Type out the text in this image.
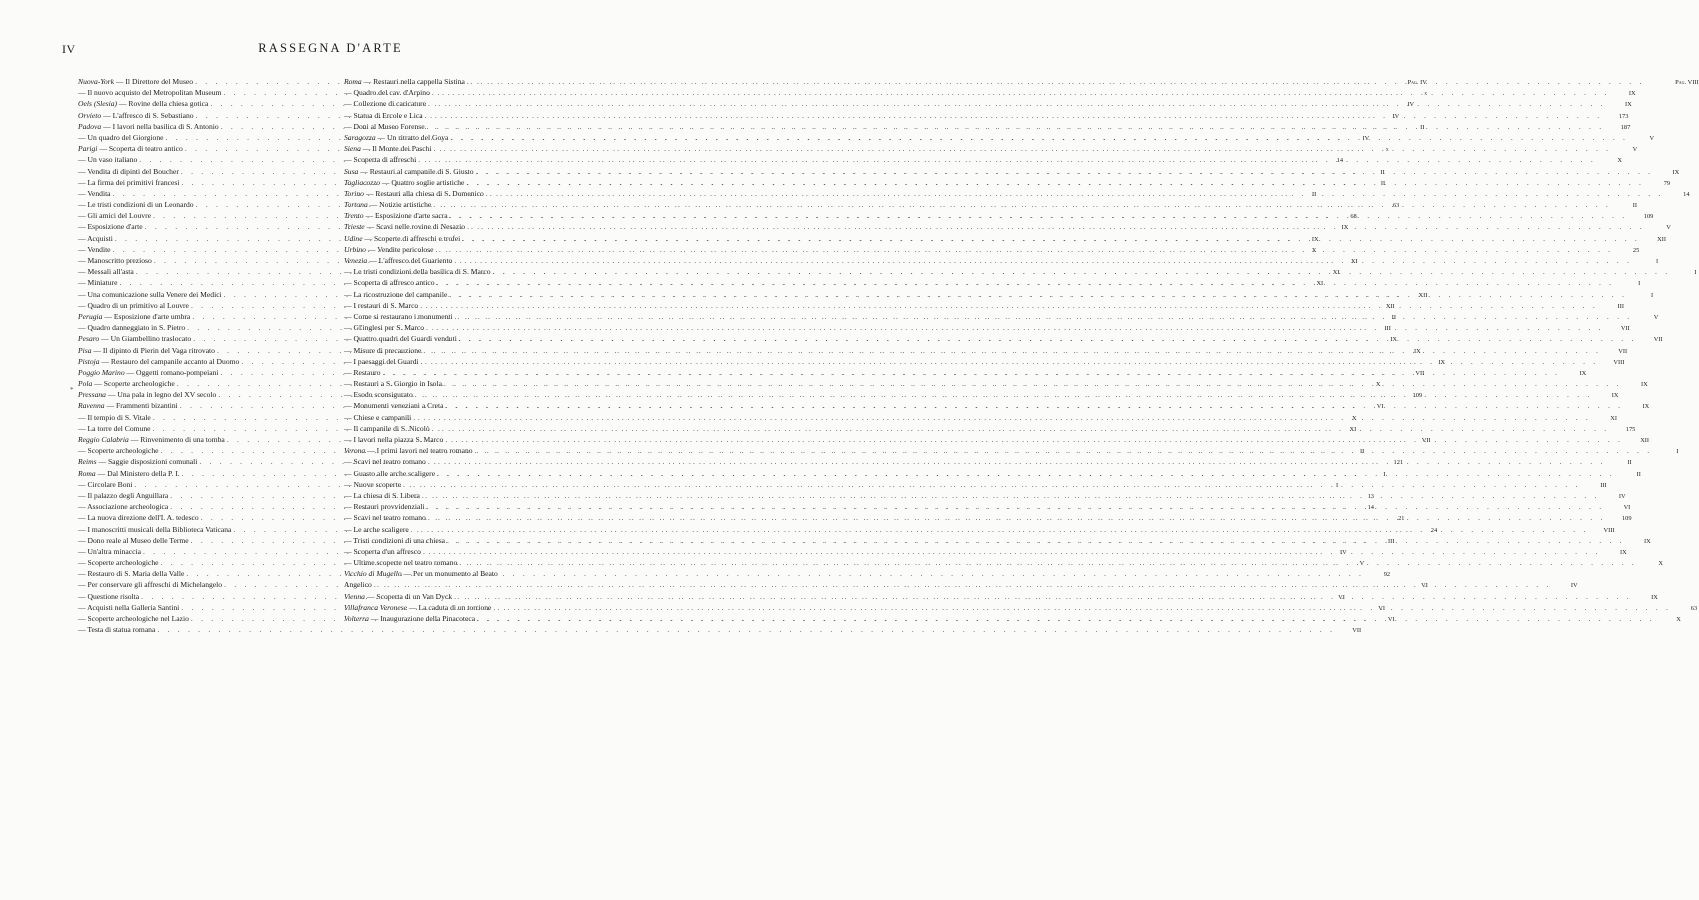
IV	RASSEGNA D'ARTE
Nuova-York — Il Direttore del Museo . . .	Pag. IV
— Il nuovo acquisto del Metropolitan Museum . . .	x
Oels (Slesia) — Rovine della chiesa gotica . . .	IV
Orvieto — L'affresco di S. Sebastiano . . .	IV
Padova — I lavori nella basilica di S. Antonio . . .	II
— Un quadro del Giorgione . . .	IV
Parigi — Scoperta di teatro antico . . .	x
— Un vaso italiano . . .	14
— Vendita di dipinti del Boucher . . .	II
— La firma dei primitivi francesi . . .	II
— Vendita . . .	II
— Le tristi condizioni di un Leonardo . . .	63
— Gli amici del Louvre . . .	68
— Esposizione d'arte . . .	IX
— Acquisti . . .	IX
— Vendite . . .	X
— Manoscritto prezioso . . .	XI
— Messali all'asta . . .	XI
— Miniature . . .	XI
— Una comunicazione sulla Venere dei Medici . . .	XII
— Quadro di un primitivo al Louvre . . .	XII
Perugia — Esposizione d'arte umbra . . .	II
— Quadro danneggiato in S. Pietro . . .	III
Pesaro — Un Giambellino traslocato . . .	IX
Pisa — Il dipinto di Pierin del Vaga ritrovato . . .	IX
Pistoja — Restauro del campanile accanto al Duomo . . .	IX
Poggio Marino — Oggetti romano-pompeiani . . .	VII
Pola — Scoperte archeologiche . . .	X
Pressana — Una pala in legno del XV secolo . . .	109
Ravenna — Frammenti bizantini . . .	VI
— Il tempio di S. Vitale . . .	X
— La torre del Comune . . .	XI
Reggio Calabria — Rinvenimento di una tomba . . .	VII
— Scoperte archeologiche . . .	II
Reims — Saggie disposizioni comunali . . .	121
Roma — Dal Ministero della P. I. . . .	I
— Circolare Boni . . .	I
— Il palazzo degli Anguillara . . .	13
— Associazione archeologica . . .	14
— La nuova direzione dell'I. A. tedesco . . .	21
— I manoscritti musicali della Biblioteca Vaticana . . .	24
— Dono reale al Museo delle Terme . . .	III
— Un'altra minaccia . . .	IV
— Scoperte archeologiche . . .	V
— Restauro di S. Maria della Valle . . .	92
— Per conservare gli affreschi di Michelangelo . . .	VI
— Questione risolta . . .	VI
— Acquisti nella Galleria Santini . . .	VI
— Scoperte archeologiche nel Lazio . . .	VI
— Testa di statua romana . . .	VII
Roma — Restauri nella cappella Sistina . . .	Pag. VIII
— Quadro del cav. d'Arpino . . .	IX
— Collezione di caricature . . .	IX
— Statua di Ercole e Lica . . .	173
— Doni al Museo Forense . . .	187
Saragozza — Un ritratto del Goya . . .	V
Siena — Il Monte dei Paschi . . .	V
— Scoperta di affreschi . . .	X
Susa — Restauri al campanile di S. Giusto . . .	IX
Tagliacozzo — Quattro soglie artistiche . . .	79
Torino — Restauri alla chiesa di S. Domenico . . .	14
Tortona — Notizie artistiche . . .	II
Trento — Esposizione d'arte sacra . . .	109
Trieste — Scavi nelle rovine di Nesazio . . .	V
Udine — Scoperte di affreschi e trofei . . .	XII
Urbino — Vendite pericolose . . .	25
Venezia — L'affresco del Guariento . . .	I
— Le tristi condizioni della basilica di S. Marco . . .	I
— Scoperta di affresco antico . . .	I
— La ricostruzione del campanile . . .	I
— I restauri di S. Marco . . .	III
— Come si restaurano i monumenti . . .	V
— Gl'inglesi per S. Marco . . .	VII
— Quattro quadri del Guardi venduti . . .	VII
— Misure di precauzione . . .	VII
— I paesaggi del Guardi . . .	VIII
— Restauro . . .	IX
— Restauri a S. Giorgio in Isola . . .	IX
— Esodo sconsigurato . . .	IX
— Monumenti veneziani a Creta . . .	IX
— Chiese e campanili . . .	XI
— Il campanile di S. Nicolò . . .	175
— I lavori nella piazza S. Marco . . .	XII
Verona — I primi lavori nel teatro romano . . .	I
— Scavi nel teatro romano . . .	II
— Guasto alle arche scaligere . . .	II
— Nuove scoperte . . .	III
— La chiesa di S. Libera . . .	IV
— Restauri provvidenziali . . .	VI
— Scavi nel teatro romano . . .	109
— Le arche scaligere . . .	VIII
— Tristi condizioni di una chiesa . . .	IX
— Scoperta d'un affresco . . .	IX
— Ultime scoperte nel teatro romano . . .	X
Vicchio di Mugello — Per un monumento al Beato
Angelico . . .	IV
Vienna — Scoperta di un Van Dyck . . .	IX
Villafranca Veronese — La caduta di un torrione . . .	63
Volterra — Inaugurazione della Pinacoteca . . .	X
*
